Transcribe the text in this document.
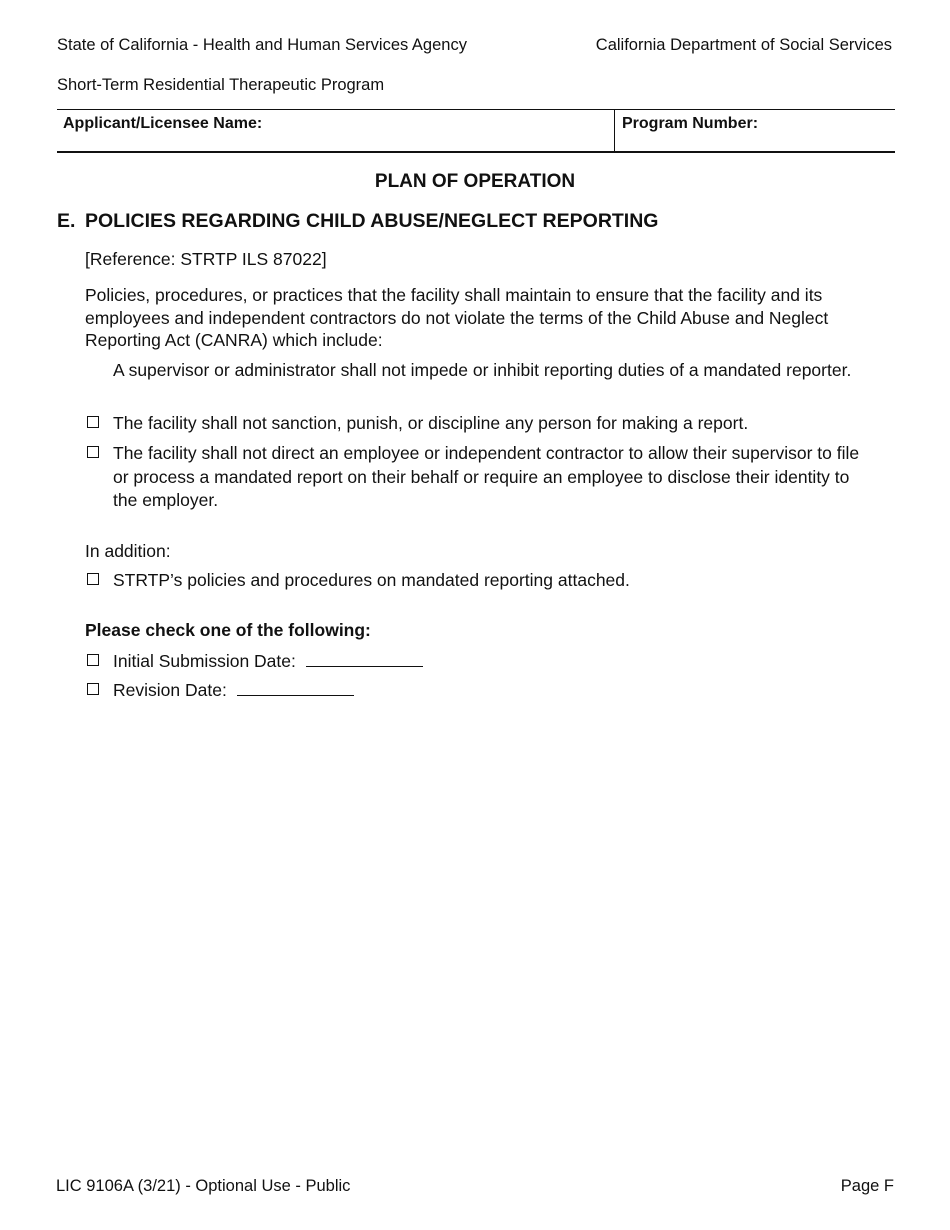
State of California - Health and Human Services Agency	California Department of Social Services
Short-Term Residential Therapeutic Program
Applicant/Licensee Name:	Program Number:
PLAN OF OPERATION
E. POLICIES REGARDING CHILD ABUSE/NEGLECT REPORTING
[Reference: STRTP ILS 87022]
Policies, procedures, or practices that the facility shall maintain to ensure that the facility and its employees and independent contractors do not violate the terms of the Child Abuse and Neglect Reporting Act (CANRA) which include:
A supervisor or administrator shall not impede or inhibit reporting duties of a mandated reporter.
The facility shall not sanction, punish, or discipline any person for making a report.
The facility shall not direct an employee or independent contractor to allow their supervisor to file or process a mandated report on their behalf or require an employee to disclose their identity to the employer.
In addition:
STRTP’s policies and procedures on mandated reporting attached.
Please check one of the following:
Initial Submission Date:
Revision Date:
LIC 9106A (3/21) - Optional Use - Public	Page F
